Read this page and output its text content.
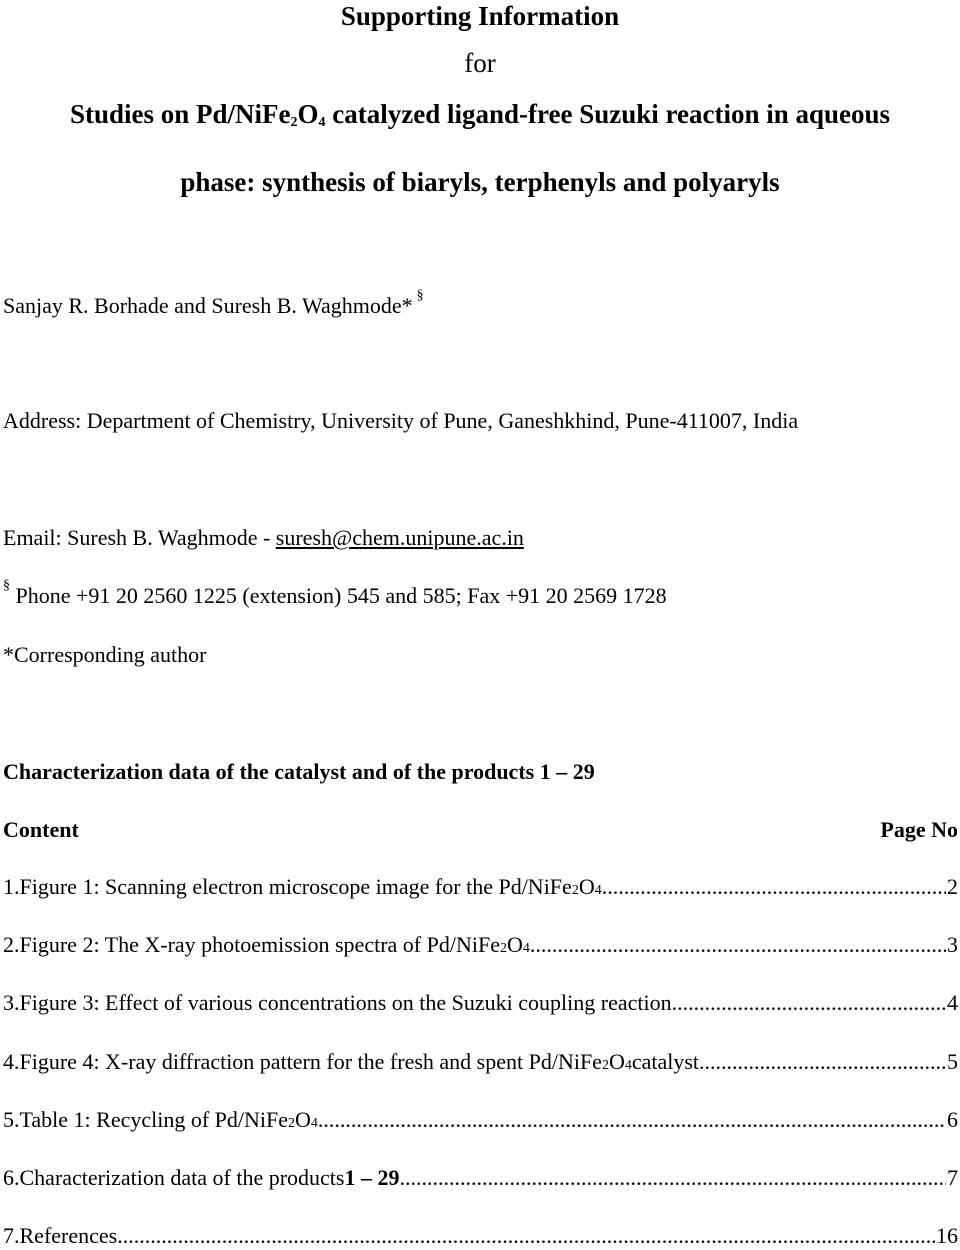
Supporting Information
for
Studies on $Pd/NiFe_2O_4$ catalyzed ligand-free Suzuki reaction in aqueous
phase: synthesis of biaryls, terphenyls and polyaryls
Sanjay R. Borhade and Suresh B. Waghmode* §
Address: Department of Chemistry, University of Pune, Ganeshkhind, Pune-411007, India
Email: Suresh B. Waghmode - suresh@chem.unipune.ac.in
§ Phone +91 20 2560 1225 (extension) 545 and 585; Fax +91 20 2569 1728
*Corresponding author
Characterization data of the catalyst and of the products 1 – 29
Content	Page No
1. Figure 1: Scanning electron microscope image for the Pd/NiFe 2 O 4 .....	2
2. Figure 2: The X-ray photoemission spectra of Pd/NiFe 2 O 4 .....	3
3. Figure 3: Effect of various concentrations on the Suzuki coupling reaction .....	4
4. Figure 4: X-ray diffraction pattern for the fresh and spent Pd/NiFe 2 O 4 catalyst .....	5
5. Table 1: Recycling of Pd/NiFe 2 O 4 .....	6
6. Characterization data of the products 1 – 29 .....	7
7. References .....	16
